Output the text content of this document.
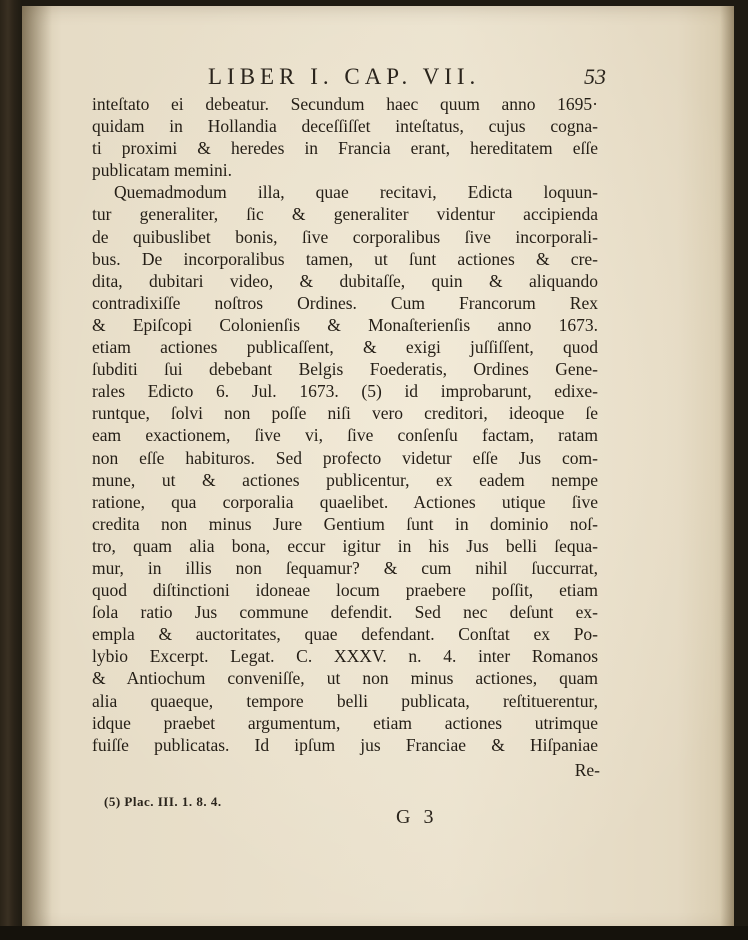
LIBER I. CAP. VII.	53
inteſtato ei debeatur. Secundum haec quum anno 1695·
quidam in Hollandia deceſſiſſet inteſtatus, cujus cogna-
ti proximi & heredes in Francia erant, hereditatem eſſe
publicatam memini.
Quemadmodum illa, quae recitavi, Edicta loquun-
tur generaliter, ſic & generaliter videntur accipienda
de quibuslibet bonis, ſive corporalibus ſive incorporali-
bus. De incorporalibus tamen, ut ſunt actiones & cre-
dita, dubitari video, & dubitaſſe, quin & aliquando
contradixiſſe noſtros Ordines. Cum Francorum Rex
& Epiſcopi Colonienſis & Monaſterienſis anno 1673.
etiam actiones publicaſſent, & exigi juſſiſſent, quod
ſubditi ſui debebant Belgis Foederatis, Ordines Gene-
rales Edicto 6. Jul. 1673. (5) id improbarunt, edixe-
runtque, ſolvi non poſſe niſi vero creditori, ideoque ſe
eam exactionem, ſive vi, ſive conſenſu factam, ratam
non eſſe habituros. Sed profecto videtur eſſe Jus com-
mune, ut & actiones publicentur, ex eadem nempe
ratione, qua corporalia quaelibet. Actiones utique ſive
credita non minus Jure Gentium ſunt in dominio noſ-
tro, quam alia bona, eccur igitur in his Jus belli ſequa-
mur, in illis non ſequamur? & cum nihil ſuccurrat,
quod diſtinctioni idoneae locum praebere poſſit, etiam
ſola ratio Jus commune defendit. Sed nec deſunt ex-
empla & auctoritates, quae defendant. Conſtat ex Po-
lybio Excerpt. Legat. C. XXXV. n. 4. inter Romanos
& Antiochum conveniſſe, ut non minus actiones, quam
alia quaeque, tempore belli publicata, reſtituerentur,
idque praebet argumentum, etiam actiones utrimque
fuiſſe publicatas. Id ipſum jus Franciae & Hiſpaniae
Re-
(5) Plac. III. 1. 8. 4.
G 3
